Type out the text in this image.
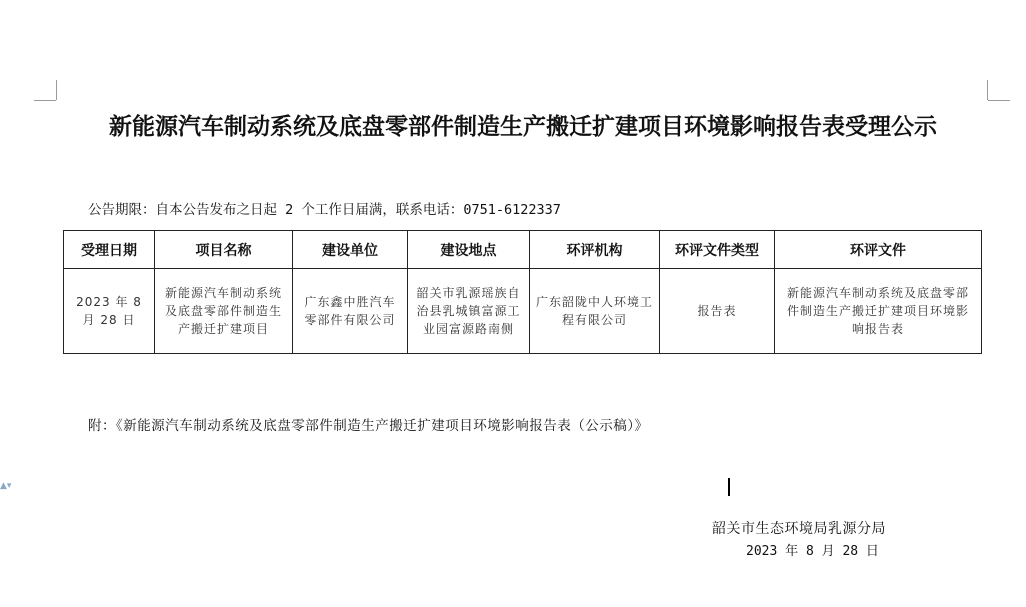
新能源汽车制动系统及底盘零部件制造生产搬迁扩建项目环境影响报告表受理公示
公告期限：自本公告发布之日起 2 个工作日届满，联系电话：0751-6122337
受理日期	项目名称	建设单位	建设地点	环评机构	环评文件类型	环评文件
2023 年 8 月 28 日	新能源汽车制动系统及底盘零部件制造生产搬迁扩建项目	广东鑫中胜汽车零部件有限公司	韶关市乳源瑶族自治县乳城镇富源工业园富源路南侧	广东韶陇中人环境工程有限公司	报告表	新能源汽车制动系统及底盘零部件制造生产搬迁扩建项目环境影响报告表
附：《新能源汽车制动系统及底盘零部件制造生产搬迁扩建项目环境影响报告表（公示稿）》
▲▾
韶关市生态环境局乳源分局
2023 年 8 月 28 日
